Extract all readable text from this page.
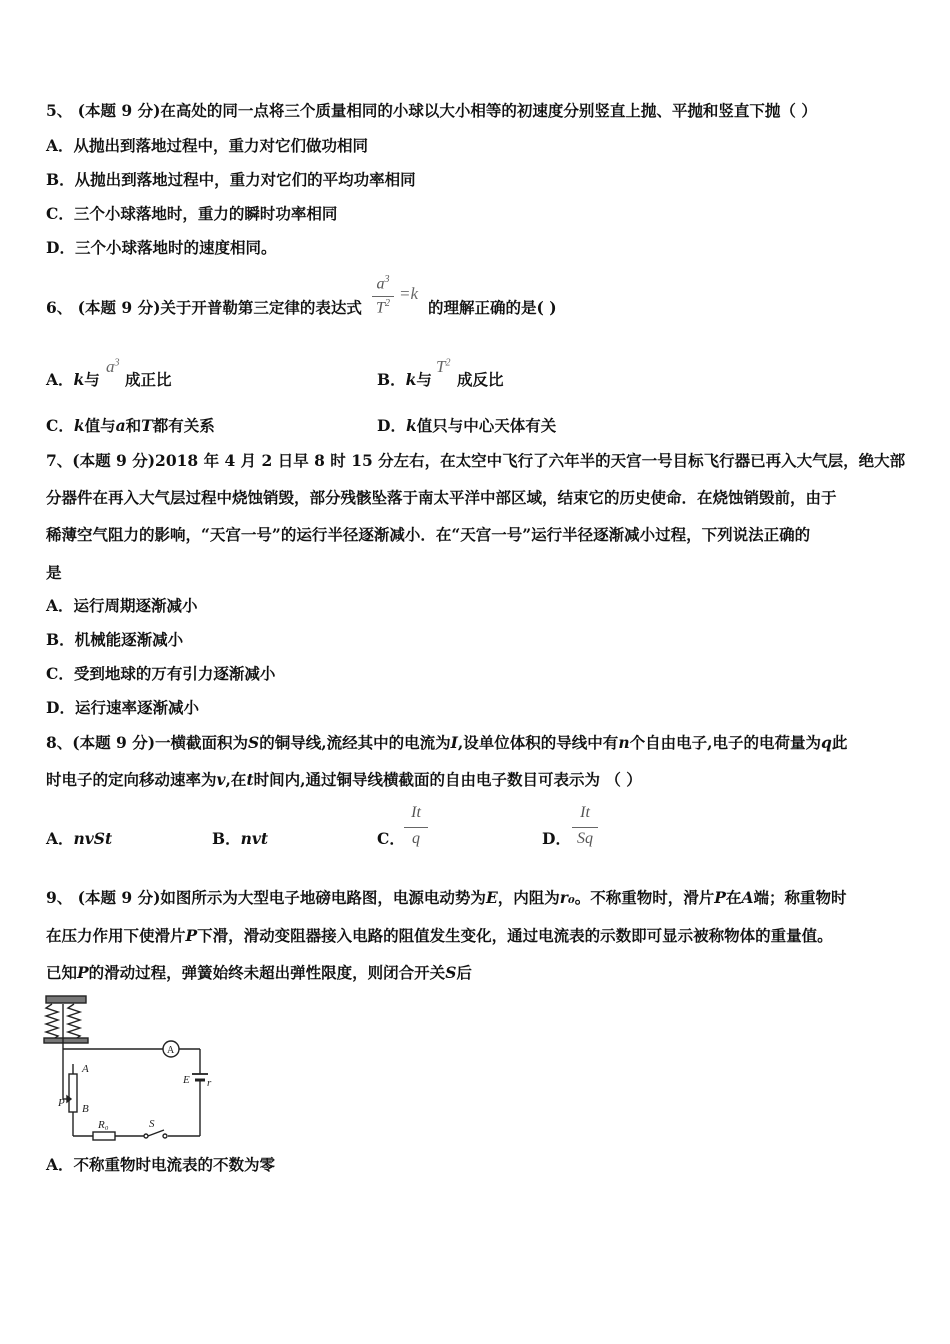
5、 (本题 9 分)在高处的同一点将三个质量相同的小球以大小相等的初速度分别竖直上抛、平抛和竖直下抛（ ）
A．从抛出到落地过程中，重力对它们做功相同
B．从抛出到落地过程中，重力对它们的平均功率相同
C．三个小球落地时，重力的瞬时功率相同
D．三个小球落地时的速度相同。
6、 (本题 9 分)关于开普勒第三定律的表达式
$a^3$
$T^2$
=k
的理解正确的是( )
A．k与
$a^3$
成正比	B．k与
$T^2$
成反比
C．k值与a和T都有关系	D．k值只与中心天体有关
7、(本题 9 分)2018 年 4 月 2 日早 8 时 15 分左右，在太空中飞行了六年半的天宫一号目标飞行器已再入大气层，绝大部
分器件在再入大气层过程中烧蚀销毁，部分残骸坠落于南太平洋中部区域，结束它的历史使命．在烧蚀销毁前，由于
稀薄空气阻力的影响，“天宫一号”的运行半径逐渐减小．在“天宫一号”运行半径逐渐减小过程，下列说法正确的
是
A．运行周期逐渐减小
B．机械能逐渐减小
C．受到地球的万有引力逐渐减小
D．运行速率逐渐减小
8、(本题 9 分)一横截面积为S的铜导线,流经其中的电流为I,设单位体积的导线中有n个自由电子,电子的电荷量为q此
时电子的定向移动速率为v,在t时间内,通过铜导线横截面的自由电子数目可表示为 （ ）
A．nvSt	B．nvt	C．
It
q	D．
It
Sq
9、 (本题 9 分)如图所示为大型电子地磅电路图，电源电动势为E，内阻为r₀。不称重物时，滑片P在A端；称重物时
在压力作用下使滑片P下滑，滑动变阻器接入电路的阻值发生变化，通过电流表的示数即可显示被称物体的重量值。
已知P的滑动过程，弹簧始终未超出弹性限度，则闭合开关S后
A
E r
A
P B
R₀	S
A．不称重物时电流表的不数为零
